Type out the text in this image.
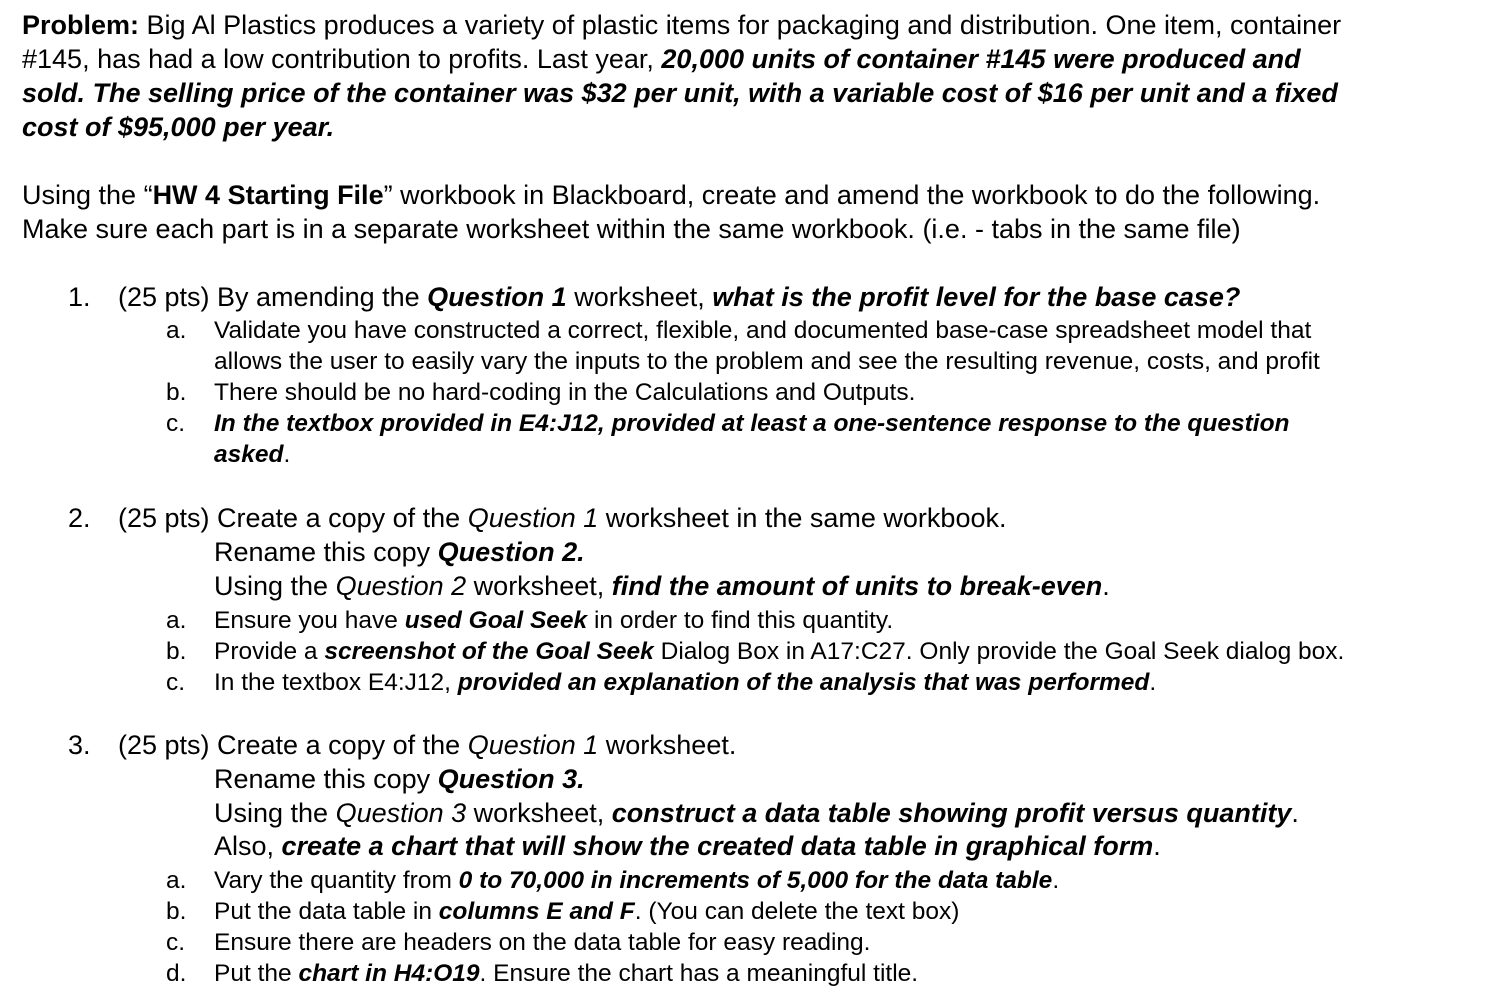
Problem: Big Al Plastics produces a variety of plastic items for packaging and distribution. One item, container
#145, has had a low contribution to profits. Last year, 20,000 units of container #145 were produced and
sold. The selling price of the container was $32 per unit, with a variable cost of $16 per unit and a fixed
cost of $95,000 per year.
Using the “HW 4 Starting File” workbook in Blackboard, create and amend the workbook to do the following.
Make sure each part is in a separate worksheet within the same workbook. (i.e. - tabs in the same file)
1.	(25 pts) By amending the Question 1 worksheet, what is the profit level for the base case?
a.	Validate you have constructed a correct, flexible, and documented base-case spreadsheet model that
allows the user to easily vary the inputs to the problem and see the resulting revenue, costs, and profit
b.	There should be no hard-coding in the Calculations and Outputs.
c.	In the textbox provided in E4:J12, provided at least a one-sentence response to the question
asked.
2.	(25 pts) Create a copy of the Question 1 worksheet in the same workbook.
Rename this copy Question 2.
Using the Question 2 worksheet, find the amount of units to break-even.
a.	Ensure you have used Goal Seek in order to find this quantity.
b.	Provide a screenshot of the Goal Seek Dialog Box in A17:C27. Only provide the Goal Seek dialog box.
c.	In the textbox E4:J12, provided an explanation of the analysis that was performed.
3.	(25 pts) Create a copy of the Question 1 worksheet.
Rename this copy Question 3.
Using the Question 3 worksheet, construct a data table showing profit versus quantity.
Also, create a chart that will show the created data table in graphical form.
a.	Vary the quantity from 0 to 70,000 in increments of 5,000 for the data table.
b.	Put the data table in columns E and F. (You can delete the text box)
c.	Ensure there are headers on the data table for easy reading.
d.	Put the chart in H4:O19. Ensure the chart has a meaningful title.
